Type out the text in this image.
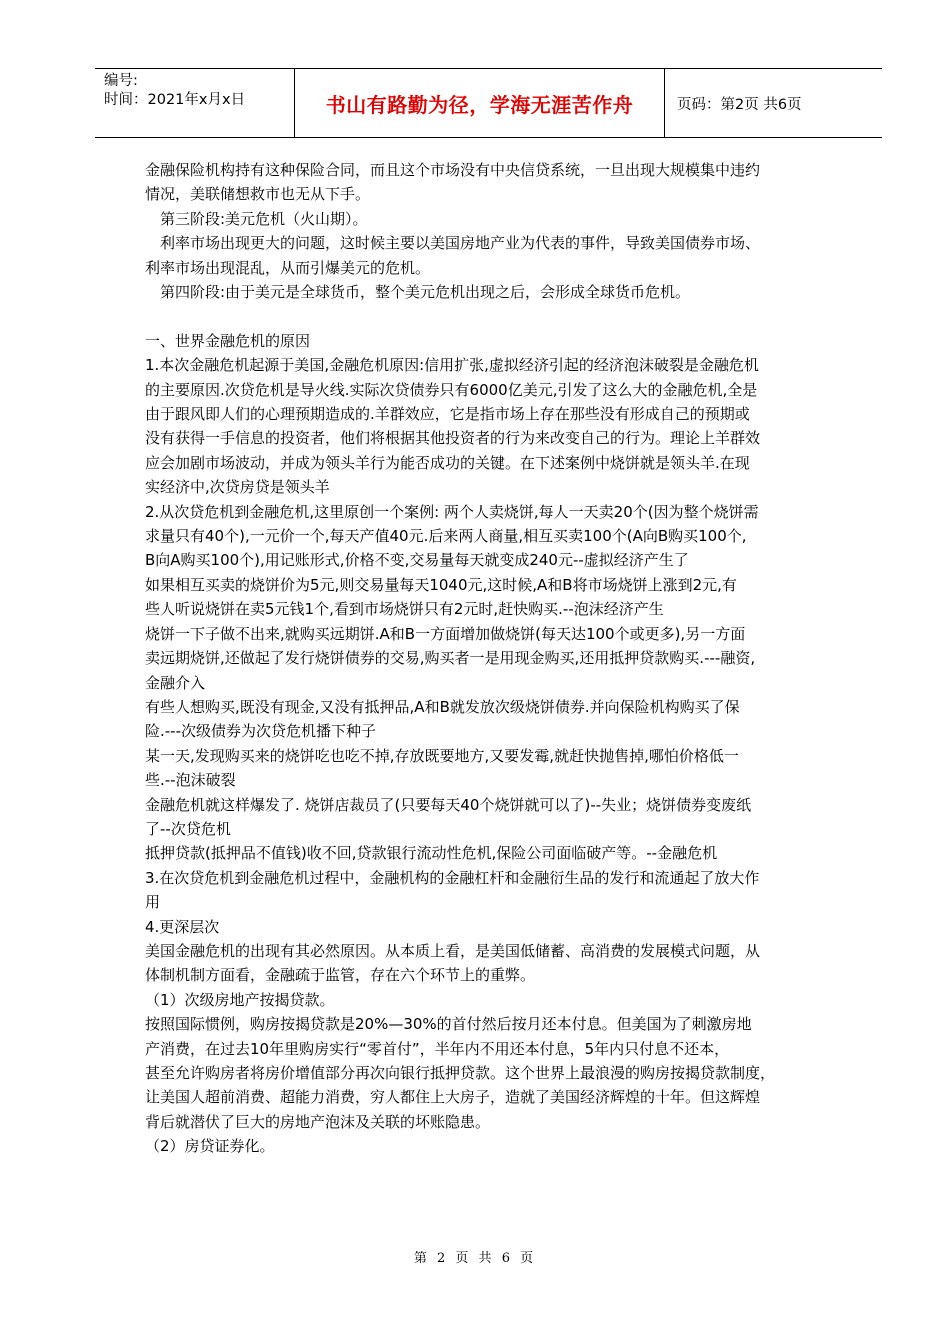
编号:
时间：2021年x月x日	书山有路勤为径，学海无涯苦作舟	页码：第2页 共6页

金融保险机构持有这种保险合同，而且这个市场没有中央信贷系统，一旦出现大规模集中违约

情况，美联储想救市也无从下手。

第三阶段:美元危机（火山期）。

利率市场出现更大的问题，这时候主要以美国房地产业为代表的事件，导致美国债券市场、

利率市场出现混乱，从而引爆美元的危机。

第四阶段:由于美元是全球货币，整个美元危机出现之后，会形成全球货币危机。

一、世界金融危机的原因

1.本次金融危机起源于美国,金融危机原因:信用扩张,虚拟经济引起的经济泡沫破裂是金融危机

的主要原因.次贷危机是导火线.实际次贷债券只有6000亿美元,引发了这么大的金融危机,全是

由于跟风即人们的心理预期造成的.羊群效应，它是指市场上存在那些没有形成自己的预期或

没有获得一手信息的投资者，他们将根据其他投资者的行为来改变自己的行为。理论上羊群效

应会加剧市场波动，并成为领头羊行为能否成功的关键。在下述案例中烧饼就是领头羊.在现

实经济中,次贷房贷是领头羊

2.从次贷危机到金融危机,这里原创一个案例: 两个人卖烧饼,每人一天卖20个(因为整个烧饼需

求量只有40个),一元价一个,每天产值40元.后来两人商量,相互买卖100个(A向B购买100个,

B向A购买100个),用记账形式,价格不变,交易量每天就变成240元--虚拟经济产生了

如果相互买卖的烧饼价为5元,则交易量每天1040元,这时候,A和B将市场烧饼上涨到2元,有

些人听说烧饼在卖5元钱1个,看到市场烧饼只有2元时,赶快购买.--泡沫经济产生

烧饼一下子做不出来,就购买远期饼.A和B一方面增加做烧饼(每天达100个或更多),另一方面

卖远期烧饼,还做起了发行烧饼债券的交易,购买者一是用现金购买,还用抵押贷款购买.---融资,

金融介入

有些人想购买,既没有现金,又没有抵押品,A和B就发放次级烧饼债券.并向保险机构购买了保

险.---次级债券为次贷危机播下种子

某一天,发现购买来的烧饼吃也吃不掉,存放既要地方,又要发霉,就赶快抛售掉,哪怕价格低一

些.--泡沫破裂

金融危机就这样爆发了. 烧饼店裁员了(只要每天40个烧饼就可以了)--失业；烧饼债券变废纸

了--次贷危机

抵押贷款(抵押品不值钱)收不回,贷款银行流动性危机,保险公司面临破产等。--金融危机

3.在次贷危机到金融危机过程中，金融机构的金融杠杆和金融衍生品的发行和流通起了放大作

用

4.更深层次

美国金融危机的出现有其必然原因。从本质上看，是美国低储蓄、高消费的发展模式问题，从

体制机制方面看，金融疏于监管，存在六个环节上的重弊。

（1）次级房地产按揭贷款。

按照国际惯例，购房按揭贷款是20%—30%的首付然后按月还本付息。但美国为了刺激房地

产消费，在过去10年里购房实行“零首付”，半年内不用还本付息，5年内只付息不还本，

甚至允许购房者将房价增值部分再次向银行抵押贷款。这个世界上最浪漫的购房按揭贷款制度，

让美国人超前消费、超能力消费，穷人都住上大房子，造就了美国经济辉煌的十年。但这辉煌

背后就潜伏了巨大的房地产泡沫及关联的坏账隐患。

（2）房贷证券化。

第 2 页 共 6 页
